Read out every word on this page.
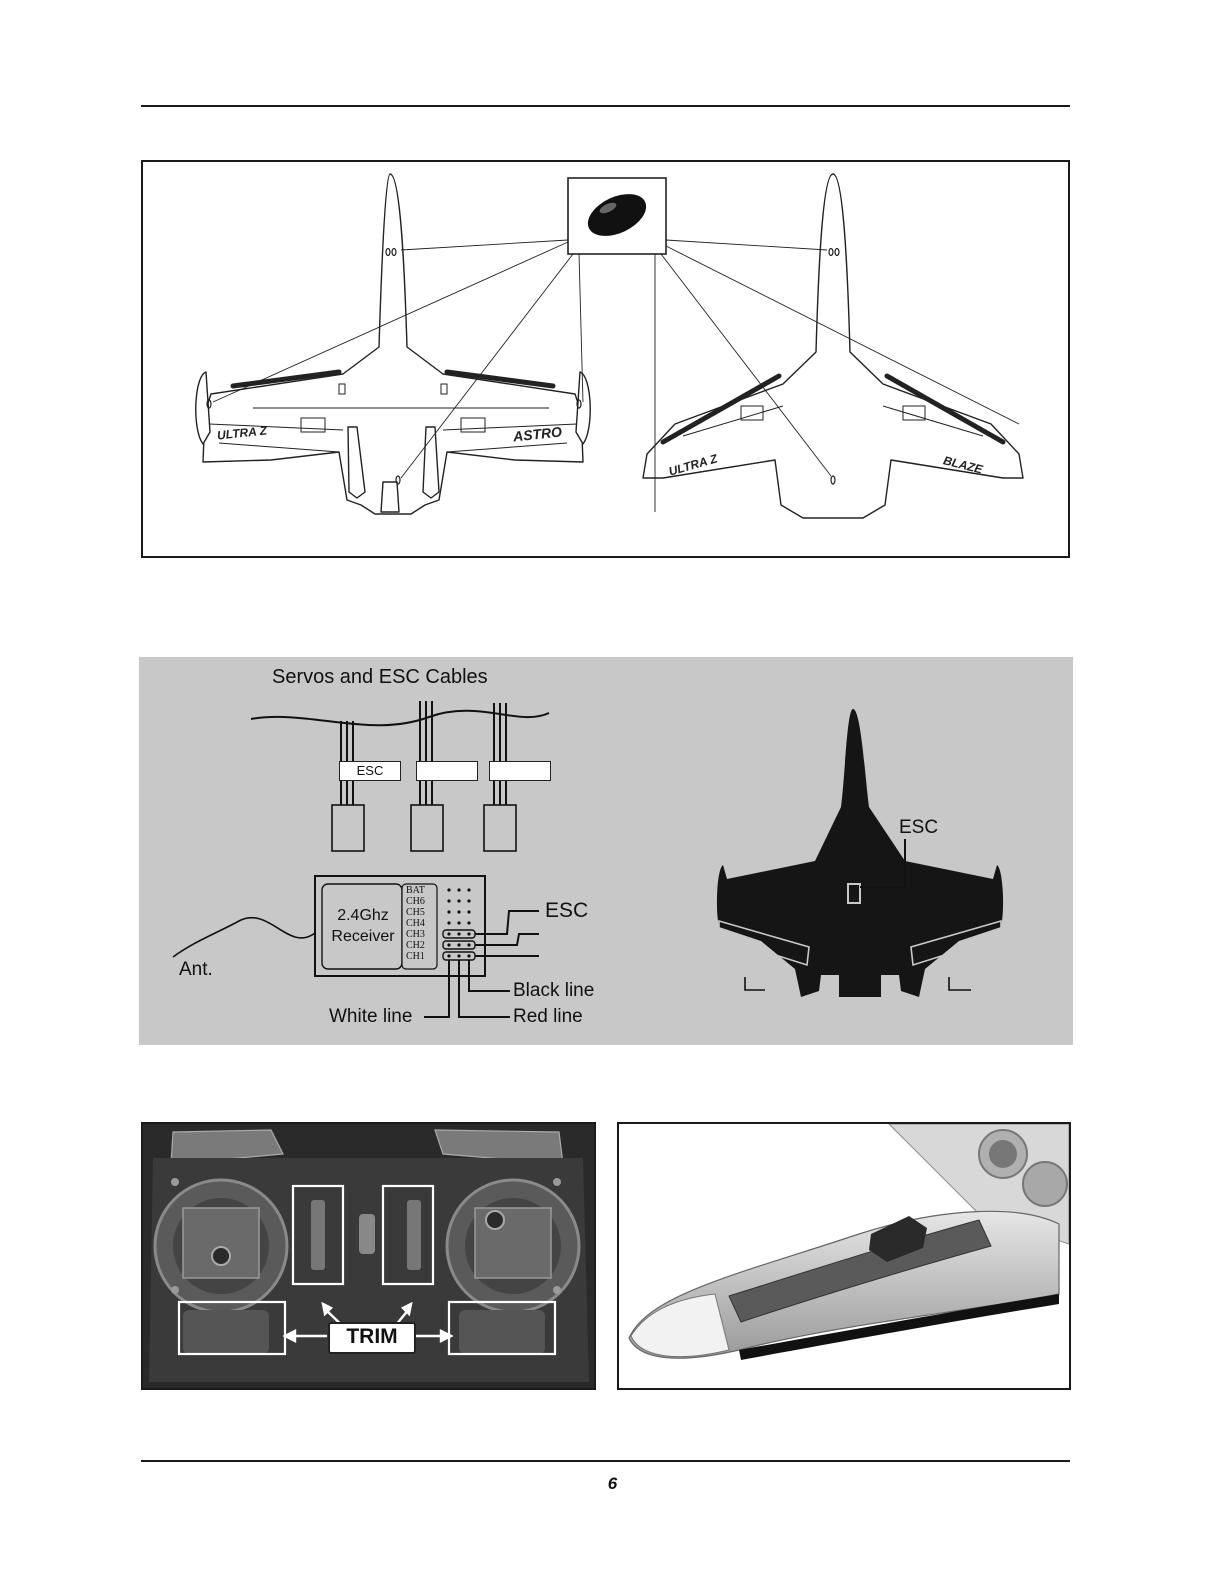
ULTRA Z	ASTRO
ULTRA Z	BLAZE
Servos and ESC Cables
ESC
2.4Ghz
Receiver
BAT
CH6
CH5
CH4
CH3
CH2
CH1
ESC
Ant.
Black line
White line	Red line
ESC
TRIM
6
